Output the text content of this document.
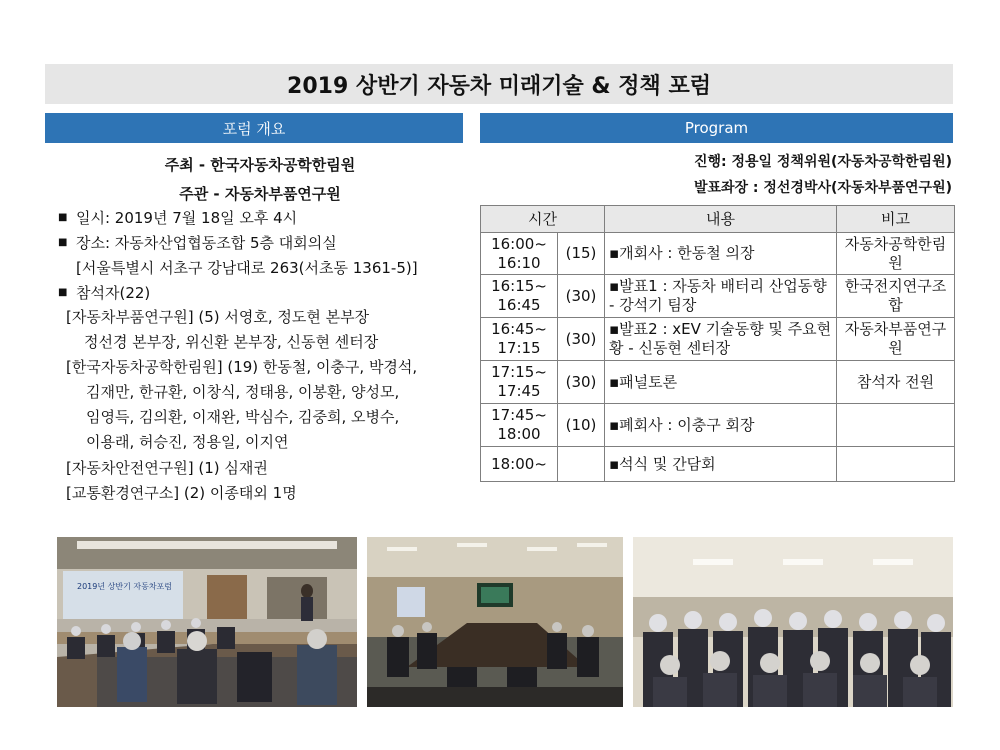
2019 상반기 자동차 미래기술 & 정책 포럼
포럼 개요	Program
주최 - 한국자동차공학한림원
주관 - 자동차부품연구원
■ 일시: 2019년 7월 18일 오후 4시
■ 장소: 자동차산업협동조합 5층 대회의실
[서울특별시 서초구 강남대로 263(서초동 1361-5)]
■ 참석자(22)
[자동차부품연구원] (5) 서영호, 정도현 본부장
정선경 본부장, 위신환 본부장, 신동현 센터장
[한국자동차공학한림원] (19) 한동철, 이충구, 박경석,
김재만, 한규환, 이창식, 정태용, 이봉환, 양성모,
임영득, 김의환, 이재완, 박심수, 김중희, 오병수,
이용래, 허승진, 정용일, 이지연
[자동차안전연구원] (1) 심재권
[교통환경연구소] (2) 이종태외 1명
진행: 정용일 정책위원(자동차공학한림원)
발표좌장 : 정선경박사(자동차부품연구원)
시간		내용	비고
16:00~ 16:10	(15)	▪개회사 : 한동철 의장	자동차공학한림원
16:15~ 16:45	(30)	▪발표1 : 자동차 배터리 산업동향 - 강석기 팀장	한국전지연구조합
16:45~ 17:15	(30)	▪발표2 : xEV 기술동향 및 주요현황 - 신동현 센터장	자동차부품연구원
17:15~ 17:45	(30)	▪패널토론	참석자 전원
17:45~ 18:00	(10)	▪폐회사 : 이충구 회장	
18:00~		▪석식 및 간담회	
2019년 상반기 자동차포럼
